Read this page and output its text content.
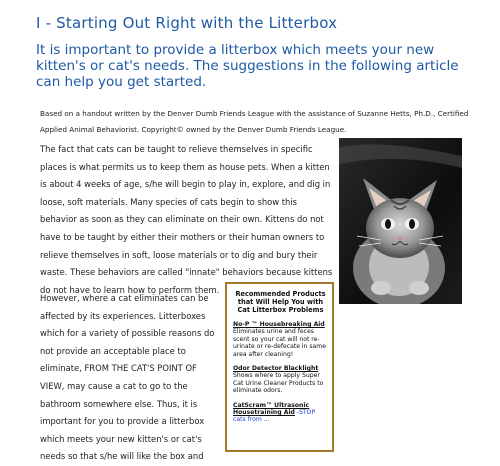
I - Starting Out Right with the Litterbox
It is important to provide a litterbox which meets your new kitten's or cat's needs. The suggestions in the following article can help you get started.
Based on a handout written by the Denver Dumb Friends League with the assistance of Suzanne Hetts, Ph.D., Certified Applied Animal Behaviorist. Copyright© owned by the Denver Dumb Friends League.
The fact that cats can be taught to relieve themselves in specific places is what permits us to keep them as house pets. When a kitten is about 4 weeks of age, s/he will begin to play in, explore, and dig in loose, soft materials. Many species of cats begin to show this behavior as soon as they can eliminate on their own. Kittens do not have to be taught by either their mothers or their human owners to relieve themselves in soft, loose materials or to dig and bury their waste. These behaviors are called "innate" behaviors because kittens do not have to learn how to perform them.
However, where a cat eliminates can be affected by its experiences. Litterboxes which for a variety of possible reasons do not provide an acceptable place to eliminate, FROM THE CAT'S POINT OF VIEW, may cause a cat to go to the bathroom somewhere else. Thus, it is important for you to provide a litterbox which meets your new kitten's or cat's needs so that s/he will like the box and
Recommended Products that Will Help You with Cat Litterbox Problems
No-P ™ Housebreaking Aid Eliminates urine and feces scent so your cat will not re- urinate or re-defecate in same area after cleaning!
Odor Detector Blacklight Shows where to apply Super Cat Urine Cleaner Products to eliminate odors.
CatScram™ Ultrasonic Housetraining Aid -STOP cats from ...
